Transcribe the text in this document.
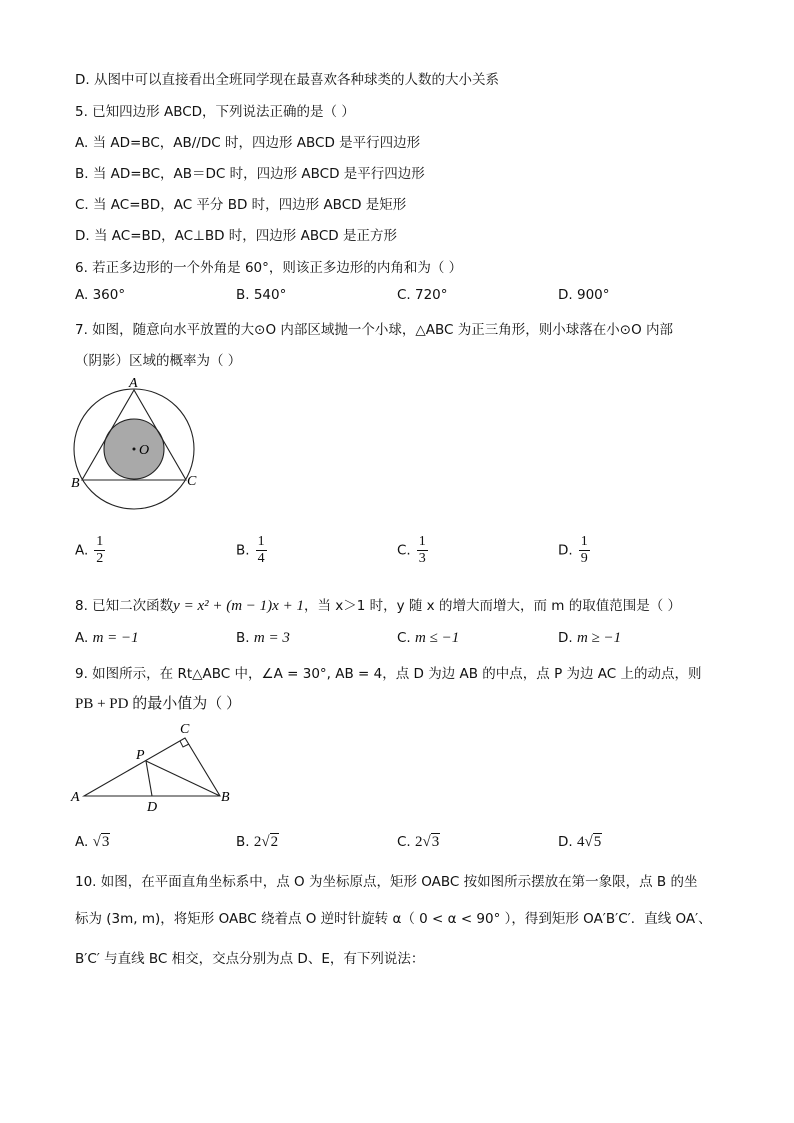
D. 从图中可以直接看出全班同学现在最喜欢各种球类的人数的大小关系
5. 已知四边形 ABCD，下列说法正确的是（ ）
A. 当 AD=BC，AB//DC 时，四边形 ABCD 是平行四边形
B. 当 AD=BC，AB＝DC 时，四边形 ABCD 是平行四边形
C. 当 AC=BD，AC 平分 BD 时，四边形 ABCD 是矩形
D. 当 AC=BD，AC⊥BD 时，四边形 ABCD 是正方形
6. 若正多边形的一个外角是 60°，则该正多边形的内角和为（ ）
A. 360°	B. 540°	C. 720°	D. 900°
7. 如图，随意向水平放置的大⊙O 内部区域抛一个小球，△ABC 为正三角形，则小球落在小⊙O 内部
（阴影）区域的概率为（ ）
A
B	C
O
A. $\frac{1}{2}$	B. $\frac{1}{4}$	C. $\frac{1}{3}$	D. $\frac{1}{9}$
8. 已知二次函数y = x² + (m − 1)x + 1，当 x＞1 时，y 随 x 的增大而增大，而 m 的取值范围是（ ）
A. m = −1	B. m = 3	C. m ≤ −1	D. m ≥ −1
9. 如图所示，在 Rt△ABC 中，∠A = 30°, AB = 4，点 D 为边 AB 的中点，点 P 为边 AC 上的动点，则
PB + PD 的最小值为（ ）
A	B
C
P
D
A. √3	B. 2√2	C. 2√3	D. 4√5
10. 如图，在平面直角坐标系中，点 O 为坐标原点，矩形 OABC 按如图所示摆放在第一象限，点 B 的坐
标为 (3m, m)，将矩形 OABC 绕着点 O 逆时针旋转 α（ 0 < α < 90° ），得到矩形 OA′B′C′．直线 OA′、
B′C′ 与直线 BC 相交，交点分别为点 D、E，有下列说法：
